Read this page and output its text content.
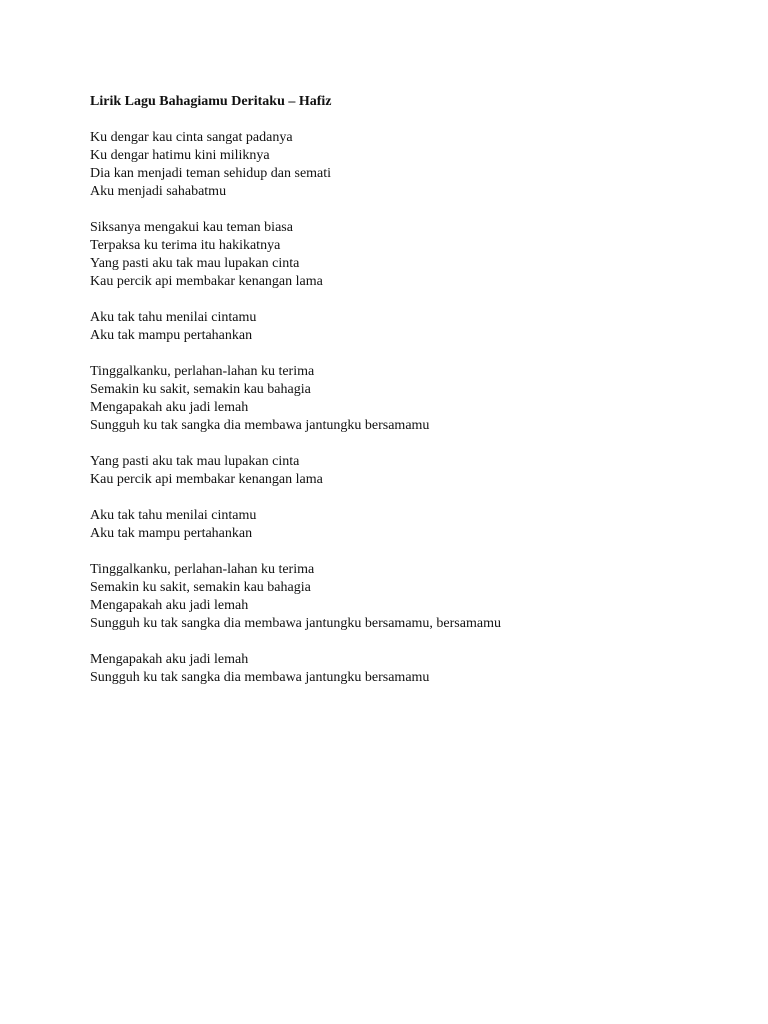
Lirik Lagu Bahagiamu Deritaku – Hafiz
Ku dengar kau cinta sangat padanya
Ku dengar hatimu kini miliknya
Dia kan menjadi teman sehidup dan semati
Aku menjadi sahabatmu
Siksanya mengakui kau teman biasa
Terpaksa ku terima itu hakikatnya
Yang pasti aku tak mau lupakan cinta
Kau percik api membakar kenangan lama
Aku tak tahu menilai cintamu
Aku tak mampu pertahankan
Tinggalkanku, perlahan-lahan ku terima
Semakin ku sakit, semakin kau bahagia
Mengapakah aku jadi lemah
Sungguh ku tak sangka dia membawa jantungku bersamamu
Yang pasti aku tak mau lupakan cinta
Kau percik api membakar kenangan lama
Aku tak tahu menilai cintamu
Aku tak mampu pertahankan
Tinggalkanku, perlahan-lahan ku terima
Semakin ku sakit, semakin kau bahagia
Mengapakah aku jadi lemah
Sungguh ku tak sangka dia membawa jantungku bersamamu, bersamamu
Mengapakah aku jadi lemah
Sungguh ku tak sangka dia membawa jantungku bersamamu
